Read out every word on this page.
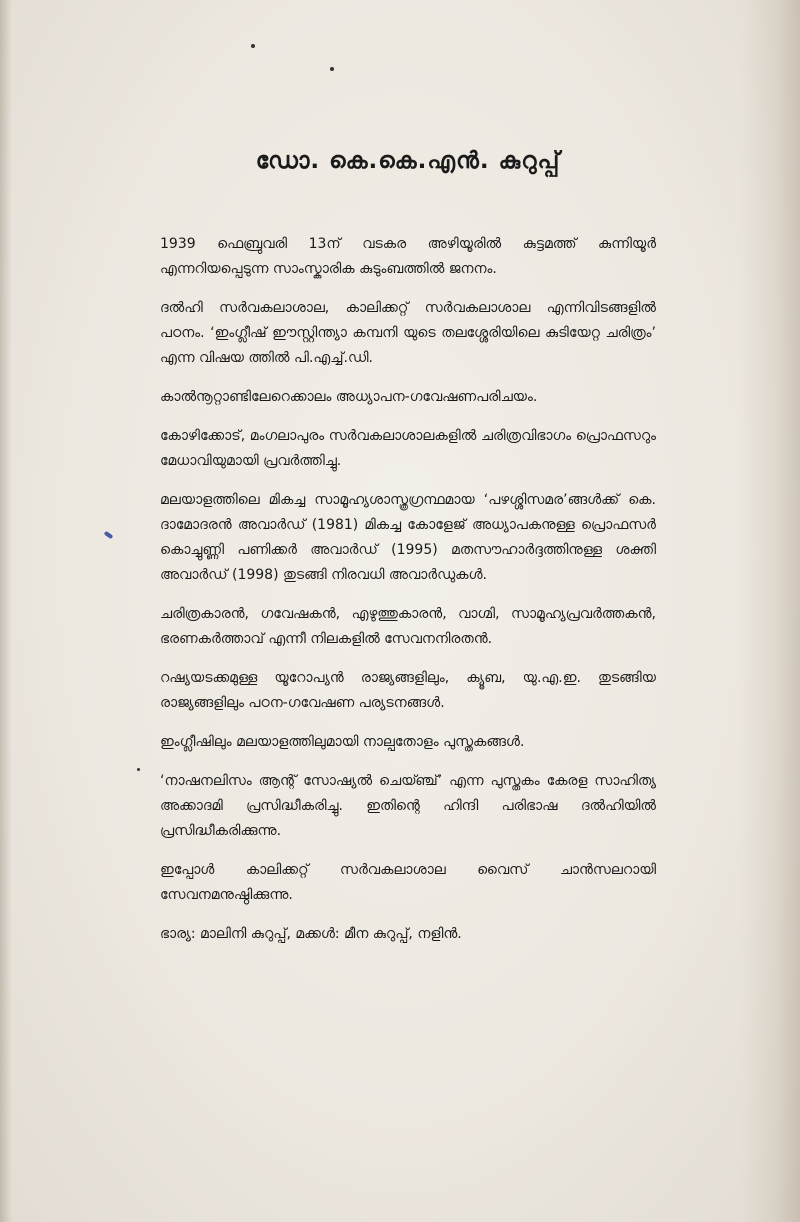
ഡോ. കെ.കെ.എൻ. കുറുപ്പ്

1939 ഫെബ്രുവരി 13ന് വടകര അഴിയൂരിൽ കുട്ടമത്ത് കുന്നിയൂർ എന്നറിയപ്പെടുന്ന സാംസ്കാരിക കുടുംബത്തിൽ ജനനം.

ദൽഹി സർവകലാശാല, കാലിക്കറ്റ് സർവകലാശാല എന്നിവിടങ്ങളിൽ പഠനം. ‘ഇംഗ്ലീഷ് ഈസ്റ്റിന്ത്യാ കമ്പനി യുടെ തലശ്ശേരിയിലെ കുടിയേറ്റ ചരിത്രം’ എന്ന വിഷയ ത്തിൽ പി.എച്ച്.ഡി.

കാൽനൂറ്റാണ്ടിലേറെക്കാലം അധ്യാപന-ഗവേഷണപരിചയം.

കോഴിക്കോട്, മംഗലാപുരം സർവകലാശാലകളിൽ ചരിത്രവിഭാഗം പ്രൊഫസറും മേധാവിയുമായി പ്രവർത്തിച്ചു.

മലയാളത്തിലെ മികച്ച സാമൂഹ്യശാസ്ത്രഗ്രന്ഥമായ ‘പഴശ്ശിസമര’ങ്ങൾക്ക് കെ. ദാമോദരൻ അവാർഡ് (1981) മികച്ച കോളേജ് അധ്യാപകനുള്ള പ്രൊഫസർ കൊച്ചുണ്ണി പണിക്കർ അവാർഡ് (1995) മതസൗഹാർദ്ദത്തിനുള്ള ശക്തി അവാർഡ് (1998) തുടങ്ങി നിരവധി അവാർഡുകൾ.

ചരിത്രകാരൻ, ഗവേഷകൻ, എഴുത്തുകാരൻ, വാഗ്മി, സാമൂഹ്യപ്രവർത്തകൻ, ഭരണകർത്താവ് എന്നീ നിലകളിൽ സേവനനിരതൻ.

റഷ്യയടക്കമുള്ള യൂറോപ്യൻ രാജ്യങ്ങളിലും, ക്യൂബ, യു.എ.ഇ. തുടങ്ങിയ രാജ്യങ്ങളിലും പഠന-ഗവേഷണ പര്യടനങ്ങൾ.

ഇംഗ്ലീഷിലും മലയാളത്തിലുമായി നാല്പതോളം പുസ്തകങ്ങൾ.

‘നാഷനലിസം ആന്റ് സോഷ്യൽ ചെയ്ഞ്ച്’ എന്ന പുസ്തകം കേരള സാഹിത്യ അക്കാദമി പ്രസിദ്ധീകരിച്ചു. ഇതിന്റെ ഹിന്ദി പരിഭാഷ ദൽഹിയിൽ പ്രസിദ്ധീകരിക്കുന്നു.

ഇപ്പോൾ കാലിക്കറ്റ് സർവകലാശാല വൈസ് ചാൻസലറായി സേവനമനുഷ്ഠിക്കുന്നു.

ഭാര്യ: മാലിനി കുറുപ്പ്, മക്കൾ: മീന കുറുപ്പ്, നളിൻ.
